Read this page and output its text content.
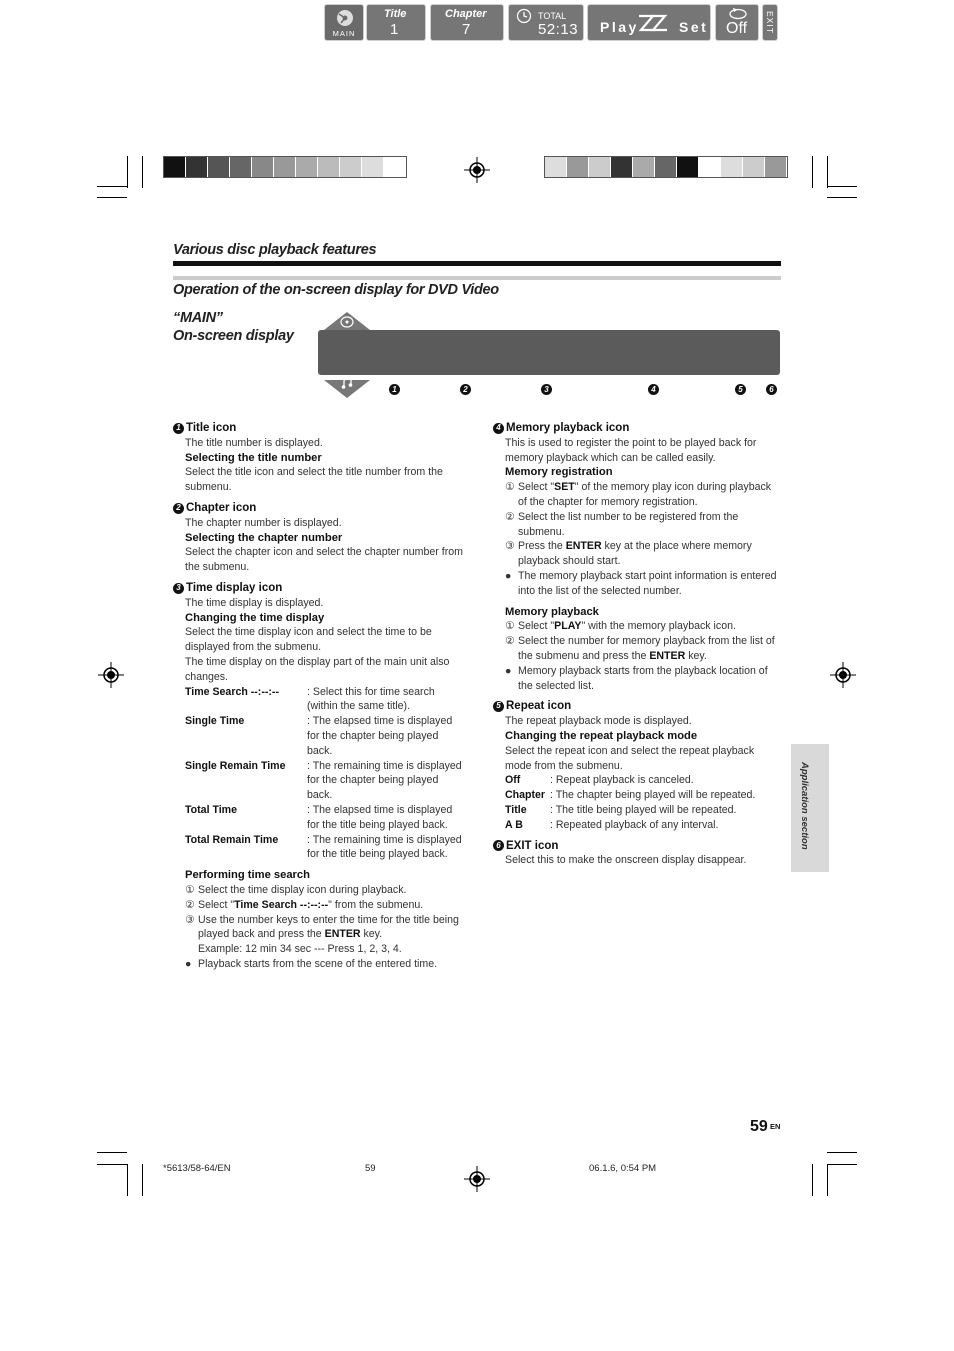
Various disc playback features
Operation of the on-screen display for DVD Video
“MAIN”
On-screen display
MAIN
Title
1
Chapter
7
TOTAL
52:13 Play	Set Off EXIT
1	2	3	4	5	6
1 Title icon

The title number is displayed.

Selecting the title number

Select the title icon and select the title number from the submenu.

2 Chapter icon

The chapter number is displayed.

Selecting the chapter number

Select the chapter icon and select the chapter number from the submenu.

3 Time display icon

The time display is displayed.

Changing the time display

Select the time display icon and select the time to be displayed from the submenu.

The time display on the display part of the main unit also changes.

Time Search --:--:--	: Select this for time search (within the same title).
Single Time	: The elapsed time is displayed for the chapter being played back.
Single Remain Time	: The remaining time is displayed for the chapter being played back.
Total Time	: The elapsed time is displayed for the title being played back.
Total Remain Time	: The remaining time is displayed for the title being played back.

Performing time search

① Select the time display icon during playback.
② Select "Time Search --:--:--" from the submenu.
③ Use the number keys to enter the time for the title being played back and press the ENTER key.
Example: 12 min 34 sec --- Press 1, 2, 3, 4.
● Playback starts from the scene of the entered time.
4 Memory playback icon

This is used to register the point to be played back for memory playback which can be called easily.

Memory registration

① Select "SET" of the memory play icon during playback of the chapter for memory registration.
② Select the list number to be registered from the submenu.
③ Press the ENTER key at the place where memory playback should start.
● The memory playback start point information is entered into the list of the selected number.

Memory playback

① Select "PLAY" with the memory playback icon.
② Select the number for memory playback from the list of the submenu and press the ENTER key.
● Memory playback starts from the playback location of the selected list.
5 Repeat icon

The repeat playback mode is displayed.

Changing the repeat playback mode

Select the repeat icon and select the repeat playback mode from the submenu.

Off	: Repeat playback is canceled.
Chapter : The chapter being played will be repeated.
Title	: The title being played will be repeated.
A B	: Repeated playback of any interval.
6 EXIT icon

Select this to make the onscreen display disappear.

Application section
59 EN
*5613/58-64/EN	59	06.1.6, 0:54 PM
